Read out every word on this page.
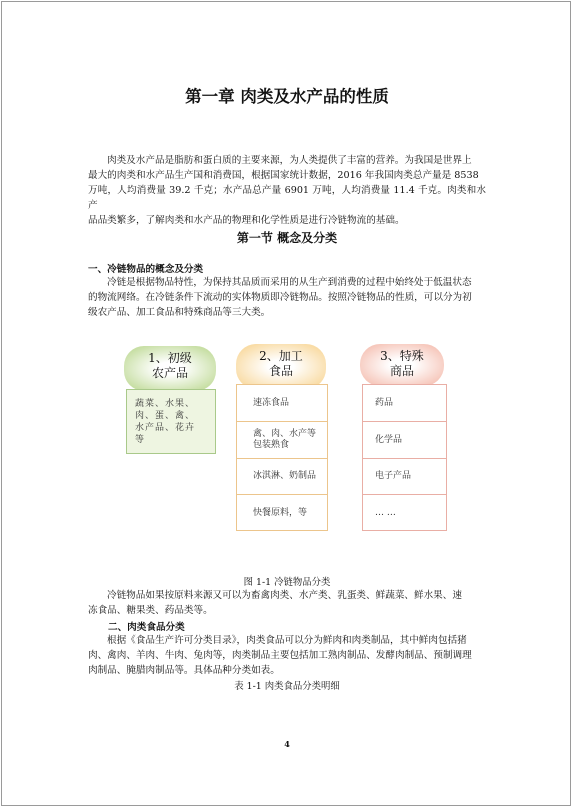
第一章 肉类及水产品的性质
肉类及水产品是脂肪和蛋白质的主要来源，为人类提供了丰富的营养。为我国是世界上
最大的肉类和水产品生产国和消费国，根据国家统计数据，2016 年我国肉类总产量是 8538
万吨，人均消费量 39.2 千克；水产品总产量 6901 万吨，人均消费量 11.4 千克。肉类和水产
品品类繁多，了解肉类和水产品的物理和化学性质是进行冷链物流的基础。
第一节 概念及分类
一、冷链物品的概念及分类
冷链是根据物品特性，为保持其品质而采用的从生产到消费的过程中始终处于低温状态
的物流网络。在冷链条件下流动的实体物质即冷链物品。按照冷链物品的性质，可以分为初
级农产品、加工食品和特殊商品等三大类。
1、初级
农产品
蔬菜、水果、
肉、蛋、禽、
水产品、花卉
等
2、加工
食品
速冻食品
禽、肉、水产等包装熟食
冰淇淋、奶制品
快餐原料，等
3、特殊
商品
药品
化学品
电子产品
… …
图 1-1 冷链物品分类
冷链物品如果按原料来源又可以为畜禽肉类、水产类、乳蛋类、鲜蔬菜、鲜水果、速
冻食品、糖果类、药品类等。
二、肉类食品分类
根据《食品生产许可分类目录》，肉类食品可以分为鲜肉和肉类制品，其中鲜肉包括猪
肉、禽肉、羊肉、牛肉、兔肉等，肉类制品主要包括加工熟肉制品、发酵肉制品、预制调理
肉制品、腌腊肉制品等。具体品种分类如表。
表 1-1 肉类食品分类明细
4
